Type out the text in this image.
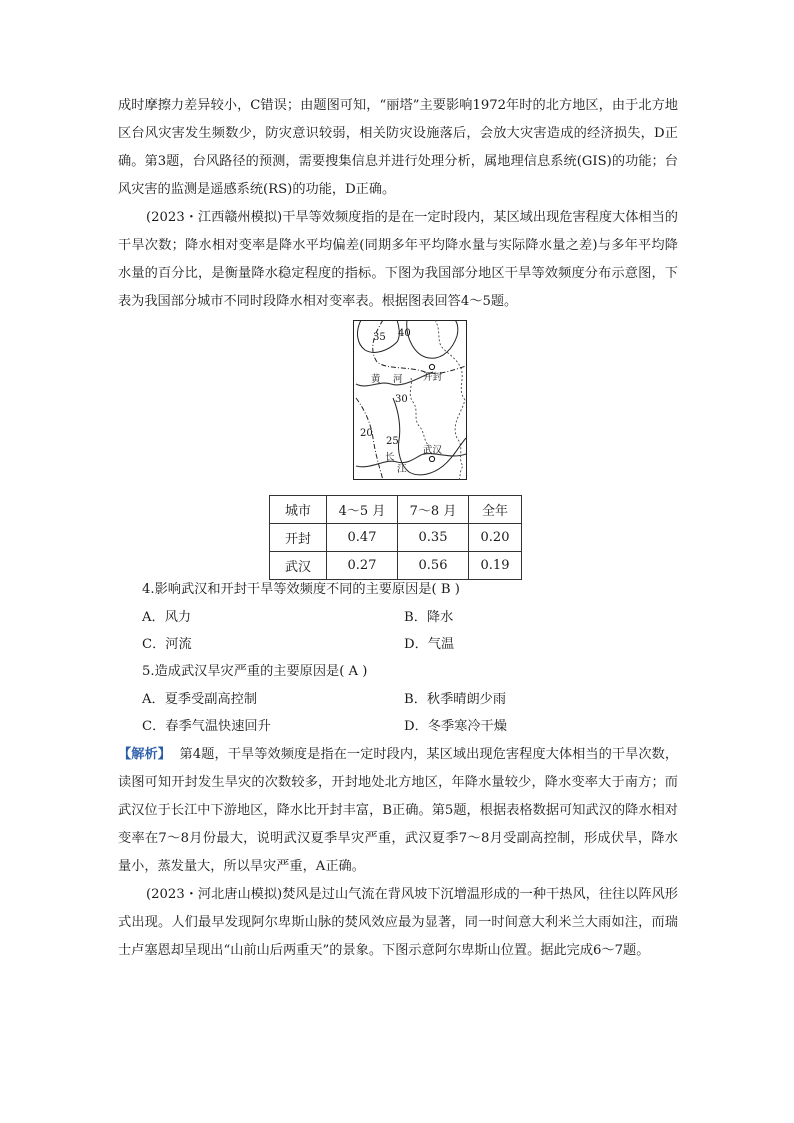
成时摩擦力差异较小，C错误；由题图可知，“丽塔”主要影响1972年时的北方地区，由于北方地区台风灾害发生频数少，防灾意识较弱，相关防灾设施落后，会放大灾害造成的经济损失，D正确。第3题，台风路径的预测，需要搜集信息并进行处理分析，属地理信息系统(GIS)的功能；台风灾害的监测是遥感系统(RS)的功能，D正确。

(2023・江西赣州模拟)干旱等效频度指的是在一定时段内，某区域出现危害程度大体相当的干旱次数；降水相对变率是降水平均偏差(同期多年平均降水量与实际降水量之差)与多年平均降水量的百分比，是衡量降水稳定程度的指标。下图为我国部分地区干旱等效频度分布示意图，下表为我国部分城市不同时段降水相对变率表。根据图表回答4～5题。

35 40
30
20
25
开封
武汉
黄 河
长
江
城市	4～5 月	7～8 月	全年
开封	0.47	0.35	0.20
武汉	0.27	0.56	0.19

4.影响武汉和开封干旱等效频度不同的主要原因是( B )

A．风力	B．降水
C．河流	D．气温

5.造成武汉旱灾严重的主要原因是( A )

A．夏季受副高控制	B．秋季晴朗少雨
C．春季气温快速回升	D．冬季寒冷干燥

【解析】 第4题，干旱等效频度是指在一定时段内，某区域出现危害程度大体相当的干旱次数，读图可知开封发生旱灾的次数较多，开封地处北方地区，年降水量较少，降水变率大于南方；而武汉位于长江中下游地区，降水比开封丰富，B正确。第5题，根据表格数据可知武汉的降水相对变率在7～8月份最大，说明武汉夏季旱灾严重，武汉夏季7～8月受副高控制，形成伏旱，降水量小，蒸发量大，所以旱灾严重，A正确。

(2023・河北唐山模拟)焚风是过山气流在背风坡下沉增温形成的一种干热风，往往以阵风形式出现。人们最早发现阿尔卑斯山脉的焚风效应最为显著，同一时间意大利米兰大雨如注，而瑞士卢塞恩却呈现出“山前山后两重天”的景象。下图示意阿尔卑斯山位置。据此完成6～7题。
